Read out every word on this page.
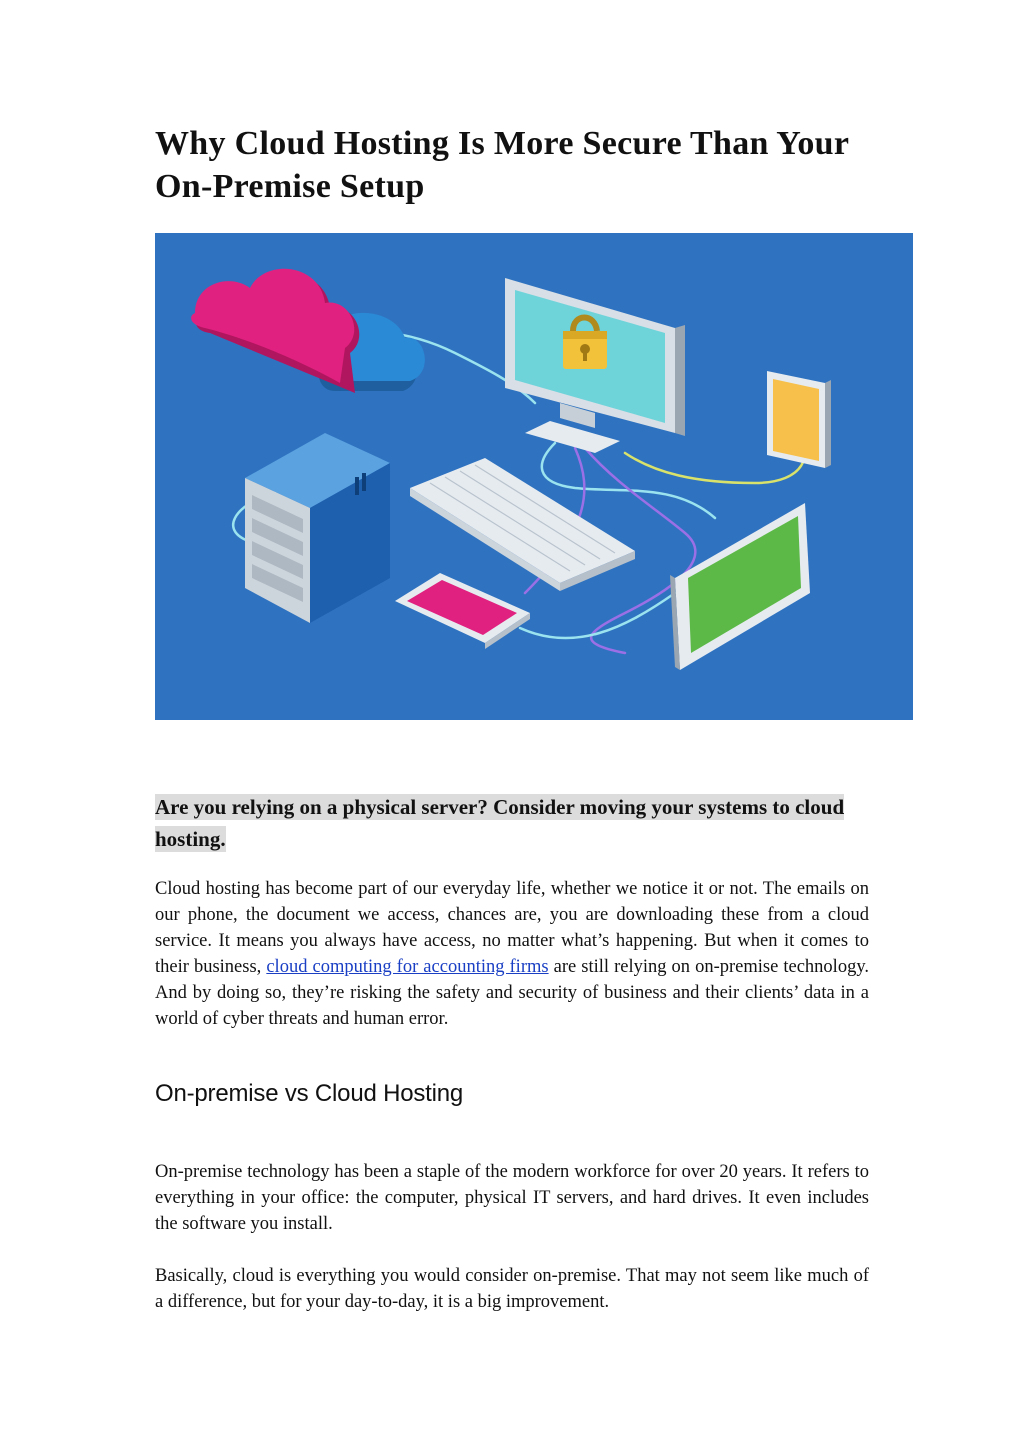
Why Cloud Hosting Is More Secure Than Your On-Premise Setup

Are you relying on a physical server? Consider moving your systems to cloud hosting.

Cloud hosting has become part of our everyday life, whether we notice it or not. The emails on our phone, the document we access, chances are, you are downloading these from a cloud service. It means you always have access, no matter what’s happening. But when it comes to their business, cloud computing for accounting firms are still relying on on-premise technology. And by doing so, they’re risking the safety and security of business and their clients’ data in a world of cyber threats and human error.

On-premise vs Cloud Hosting

On-premise technology has been a staple of the modern workforce for over 20 years. It refers to everything in your office: the computer, physical IT servers, and hard drives. It even includes the software you install.

Basically, cloud is everything you would consider on-premise. That may not seem like much of a difference, but for your day-to-day, it is a big improvement.
